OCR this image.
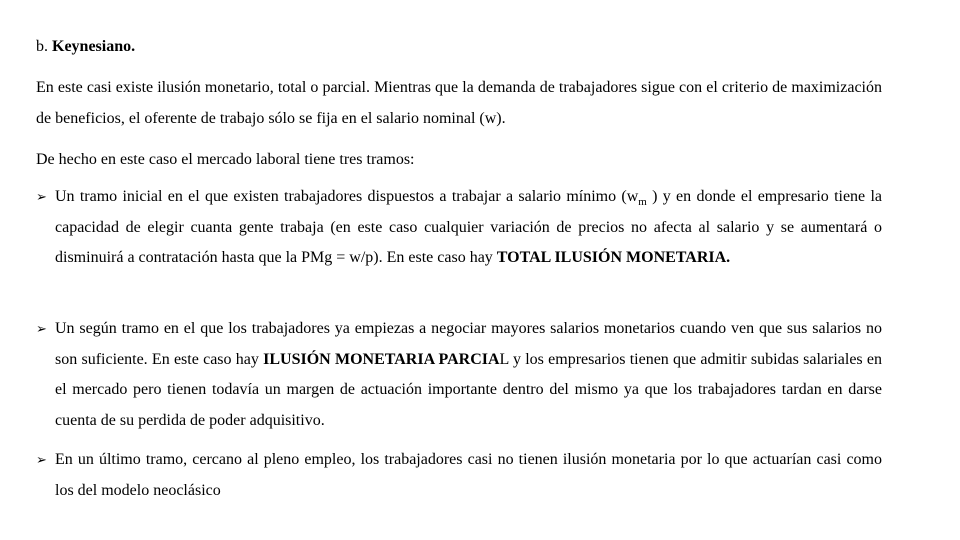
b. Keynesiano.
En este casi existe ilusión monetario, total o parcial. Mientras que la demanda de trabajadores sigue con el criterio de maximización de beneficios, el oferente de trabajo sólo se fija en el salario nominal (w).
De hecho en este caso el mercado laboral tiene tres tramos:
➢ Un tramo inicial en el que existen trabajadores dispuestos a trabajar a salario mínimo ($w_m$ ) y en donde el empresario tiene la capacidad de elegir cuanta gente trabaja (en este caso cualquier variación de precios no afecta al salario y se aumentará o disminuirá a contratación hasta que la PMg = w/p). En este caso hay TOTAL ILUSIÓN MONETARIA.
➢ Un según tramo en el que los trabajadores ya empiezas a negociar mayores salarios monetarios cuando ven que sus salarios no son suficiente. En este caso hay ILUSIÓN MONETARIA PARCIAL y los empresarios tienen que admitir subidas salariales en el mercado pero tienen todavía un margen de actuación importante dentro del mismo ya que los trabajadores tardan en darse cuenta de su perdida de poder adquisitivo.
➢ En un último tramo, cercano al pleno empleo, los trabajadores casi no tienen ilusión monetaria por lo que actuarían casi como los del modelo neoclásico
